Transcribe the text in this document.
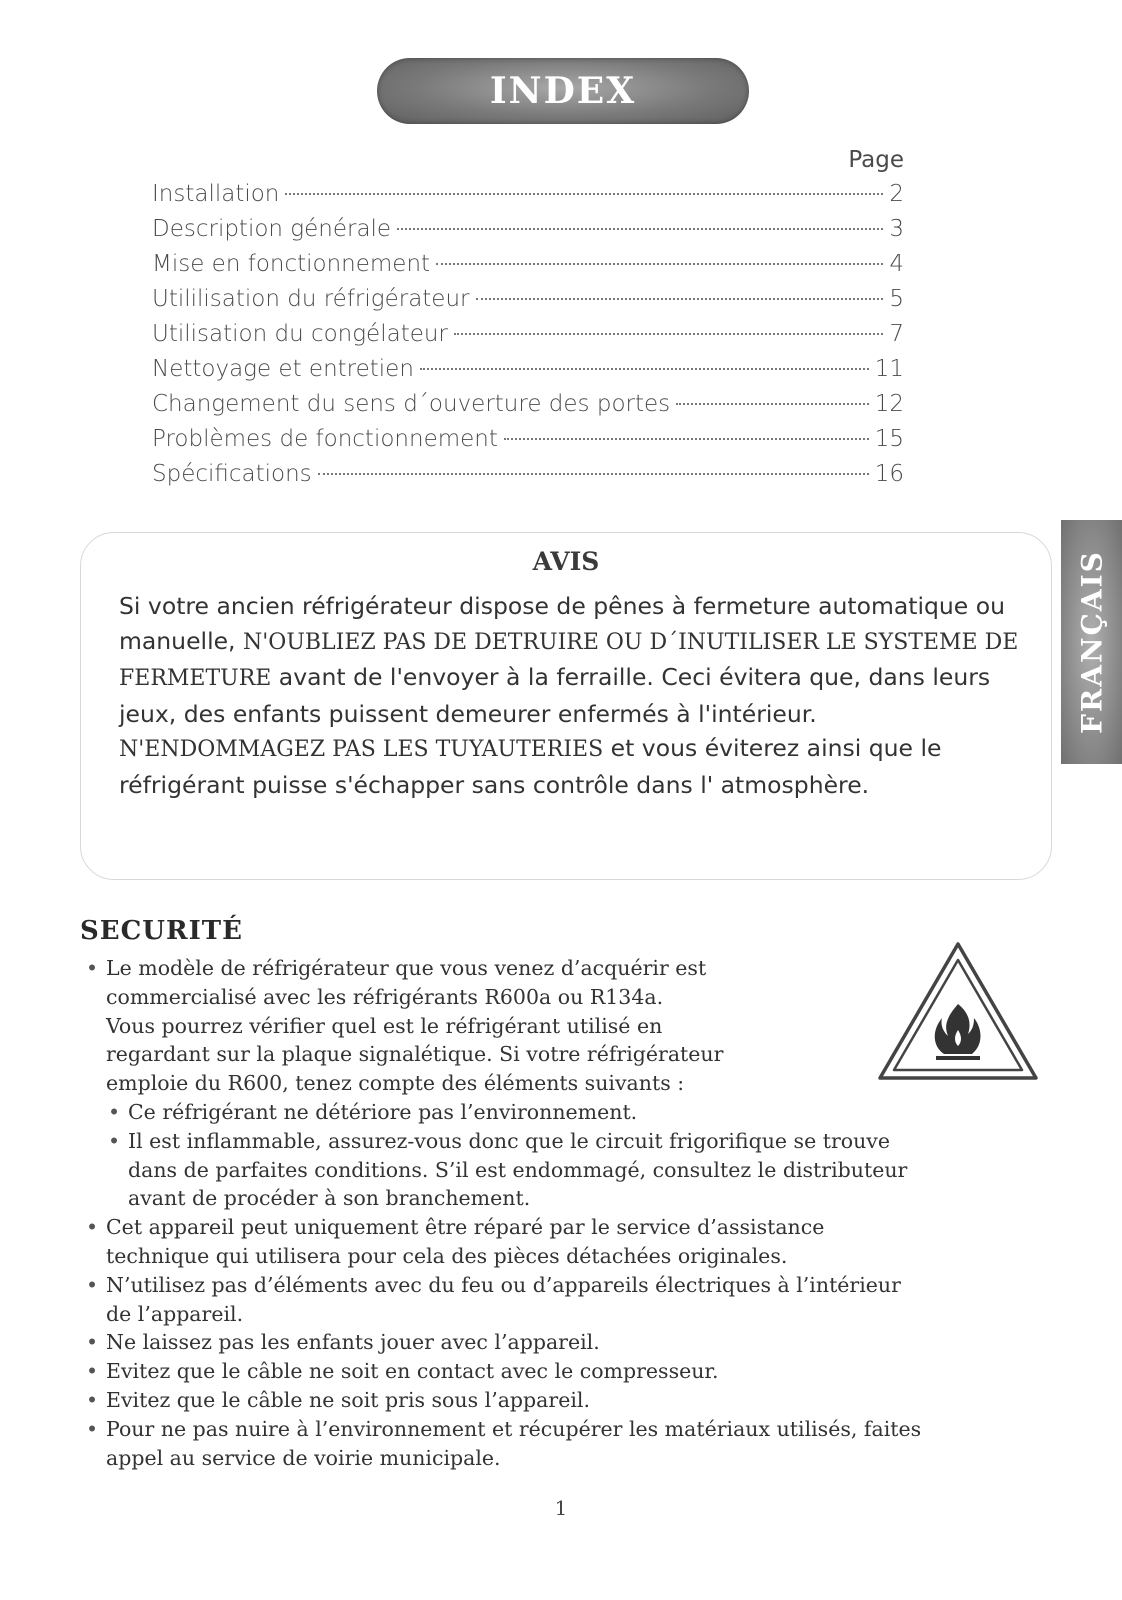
INDEX
Page
Installation	2
Description générale	3
Mise en fonctionnement	4
Utililisation du réfrigérateur	5
Utilisation du congélateur	7
Nettoyage et entretien	11
Changement du sens d´ouverture des portes	12
Problèmes de fonctionnement	15
Spécifications	16
AVIS

Si votre ancien réfrigérateur dispose de pênes à fermeture automatique ou manuelle, N'OUBLIEZ PAS DE DETRUIRE OU D´INUTILISER LE SYSTEME DE FERMETURE avant de l'envoyer à la ferraille. Ceci évitera que, dans leurs jeux, des enfants puissent demeurer enfermés à l'intérieur.

N'ENDOMMAGEZ PAS LES TUYAUTERIES et vous éviterez ainsi que le réfrigérant puisse s'échapper sans contrôle dans l' atmosphère.

FRANÇAIS
SECURITÉ
• Le modèle de réfrigérateur que vous venez d’acquérir est
commercialisé avec les réfrigérants R600a ou R134a.
Vous pourrez vérifier quel est le réfrigérant utilisé en
regardant sur la plaque signalétique. Si votre réfrigérateur
emploie du R600, tenez compte des éléments suivants :
• Ce réfrigérant ne détériore pas l’environnement.
• Il est inflammable, assurez-vous donc que le circuit frigorifique se trouve
dans de parfaites conditions. S’il est endommagé, consultez le distributeur
avant de procéder à son branchement.
• Cet appareil peut uniquement être réparé par le service d’assistance
technique qui utilisera pour cela des pièces détachées originales.
• N’utilisez pas d’éléments avec du feu ou d’appareils électriques à l’intérieur
de l’appareil.
• Ne laissez pas les enfants jouer avec l’appareil.
• Evitez que le câble ne soit en contact avec le compresseur.
• Evitez que le câble ne soit pris sous l’appareil.
• Pour ne pas nuire à l’environnement et récupérer les matériaux utilisés, faites
appel au service de voirie municipale.
1
